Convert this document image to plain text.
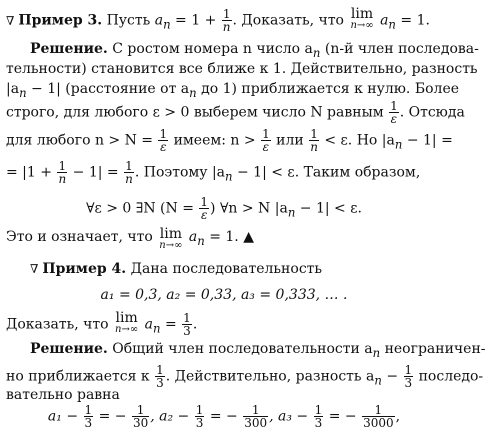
∇ Пример 3. Пусть $a_n = 1 + \frac{1}{n}$ . Доказать, что lim
n→∞ $a_n = 1$.
Решение. С ростом номера n число $a_n$ (n-й член последова-
тельности) становится все ближе к 1. Действительно, разность
$|a_n - 1|$ (расстояние от $a_n$ до 1) приближается к нулю. Более
строго, для любого ε > 0 выберем число N равным $\frac{1}{\varepsilon}$ . Отсюда
для любого $n > N = \frac{1}{\varepsilon}$ имеем: $n > \frac{1}{\varepsilon}$ или $\frac{1}{n} < \varepsilon$. Но $|a_n - 1|$ =
= $|1 + \frac{1}{n} - 1| = \frac{1}{n}$ . Поэтому $|a_n - 1| < \varepsilon$. Таким образом,
∀ε > 0 ∃N ($N = \frac{1}{\varepsilon}$ ) ∀n > N $|a_n - 1| < \varepsilon$.
Это и означает, что lim
n→∞
$a_n = 1$. ▲
∇ Пример 4. Дана последовательность
a₁ = 0,3, a₂ = 0,33, a₃ = 0,333, … .
Доказать, что lim
n→∞ $a_n = \frac{1}{3}$ .
Решение. Общий член последовательности $a_n$ неограничен-
но приближается к $\frac{1}{3}$ . Действительно, разность $a_n - \frac{1}{3}$ последо-
вательно равна
$a_1 - \frac{1}{3}$ = − $\frac{1}{30}$ , $a_2 - \frac{1}{3}$ = − $\frac{1}{300}$ , $a_3 - \frac{1}{3}$ = − $\frac{1}{3000}$ ,
